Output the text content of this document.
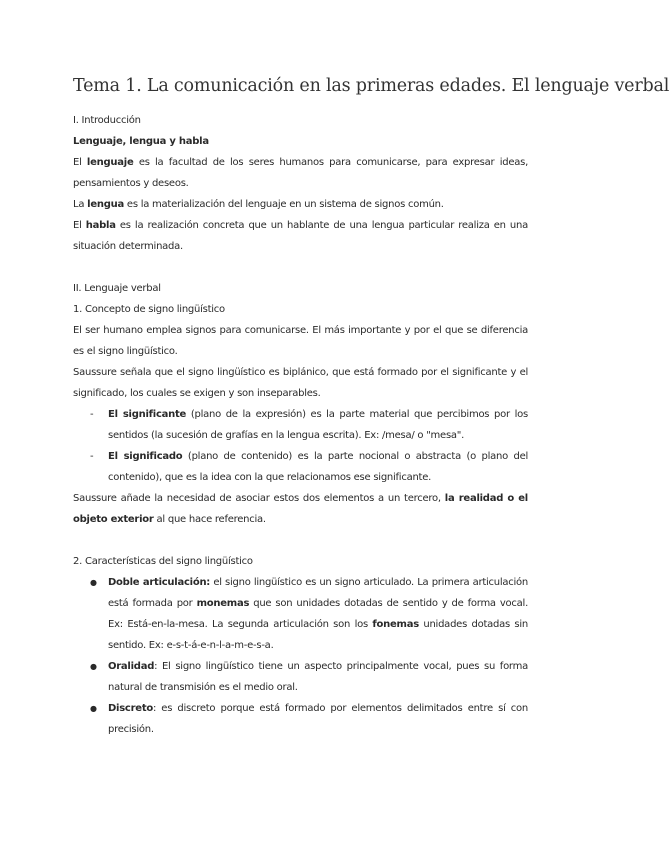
Tema 1. La comunicación en las primeras edades. El lenguaje verbal

I. Introducción

Lenguaje, lengua y habla

El lenguaje es la facultad de los seres humanos para comunicarse, para expresar ideas, pensamientos y deseos.

La lengua es la materialización del lenguaje en un sistema de signos común.

El habla es la realización concreta que un hablante de una lengua particular realiza en una situación determinada.

II. Lenguaje verbal

1. Concepto de signo lingüístico

El ser humano emplea signos para comunicarse. El más importante y por el que se diferencia es el signo lingüístico.

Saussure señala que el signo lingüístico es biplánico, que está formado por el significante y el significado, los cuales se exigen y son inseparables.

- El significante (plano de la expresión) es la parte material que percibimos por los sentidos (la sucesión de grafías en la lengua escrita). Ex: /mesa/ o "mesa".
- El significado (plano de contenido) es la parte nocional o abstracta (o plano del contenido), que es la idea con la que relacionamos ese significante.

Saussure añade la necesidad de asociar estos dos elementos a un tercero, la realidad o el objeto exterior al que hace referencia.

2. Características del signo lingüístico

● Doble articulación: el signo lingüístico es un signo articulado. La primera articulación está formada por monemas que son unidades dotadas de sentido y de forma vocal. Ex: Está-en-la-mesa. La segunda articulación son los fonemas unidades dotadas sin sentido. Ex: e-s-t-á-e-n-l-a-m-e-s-a.
● Oralidad: El signo lingüístico tiene un aspecto principalmente vocal, pues su forma natural de transmisión es el medio oral.
● Discreto: es discreto porque está formado por elementos delimitados entre sí con precisión.
